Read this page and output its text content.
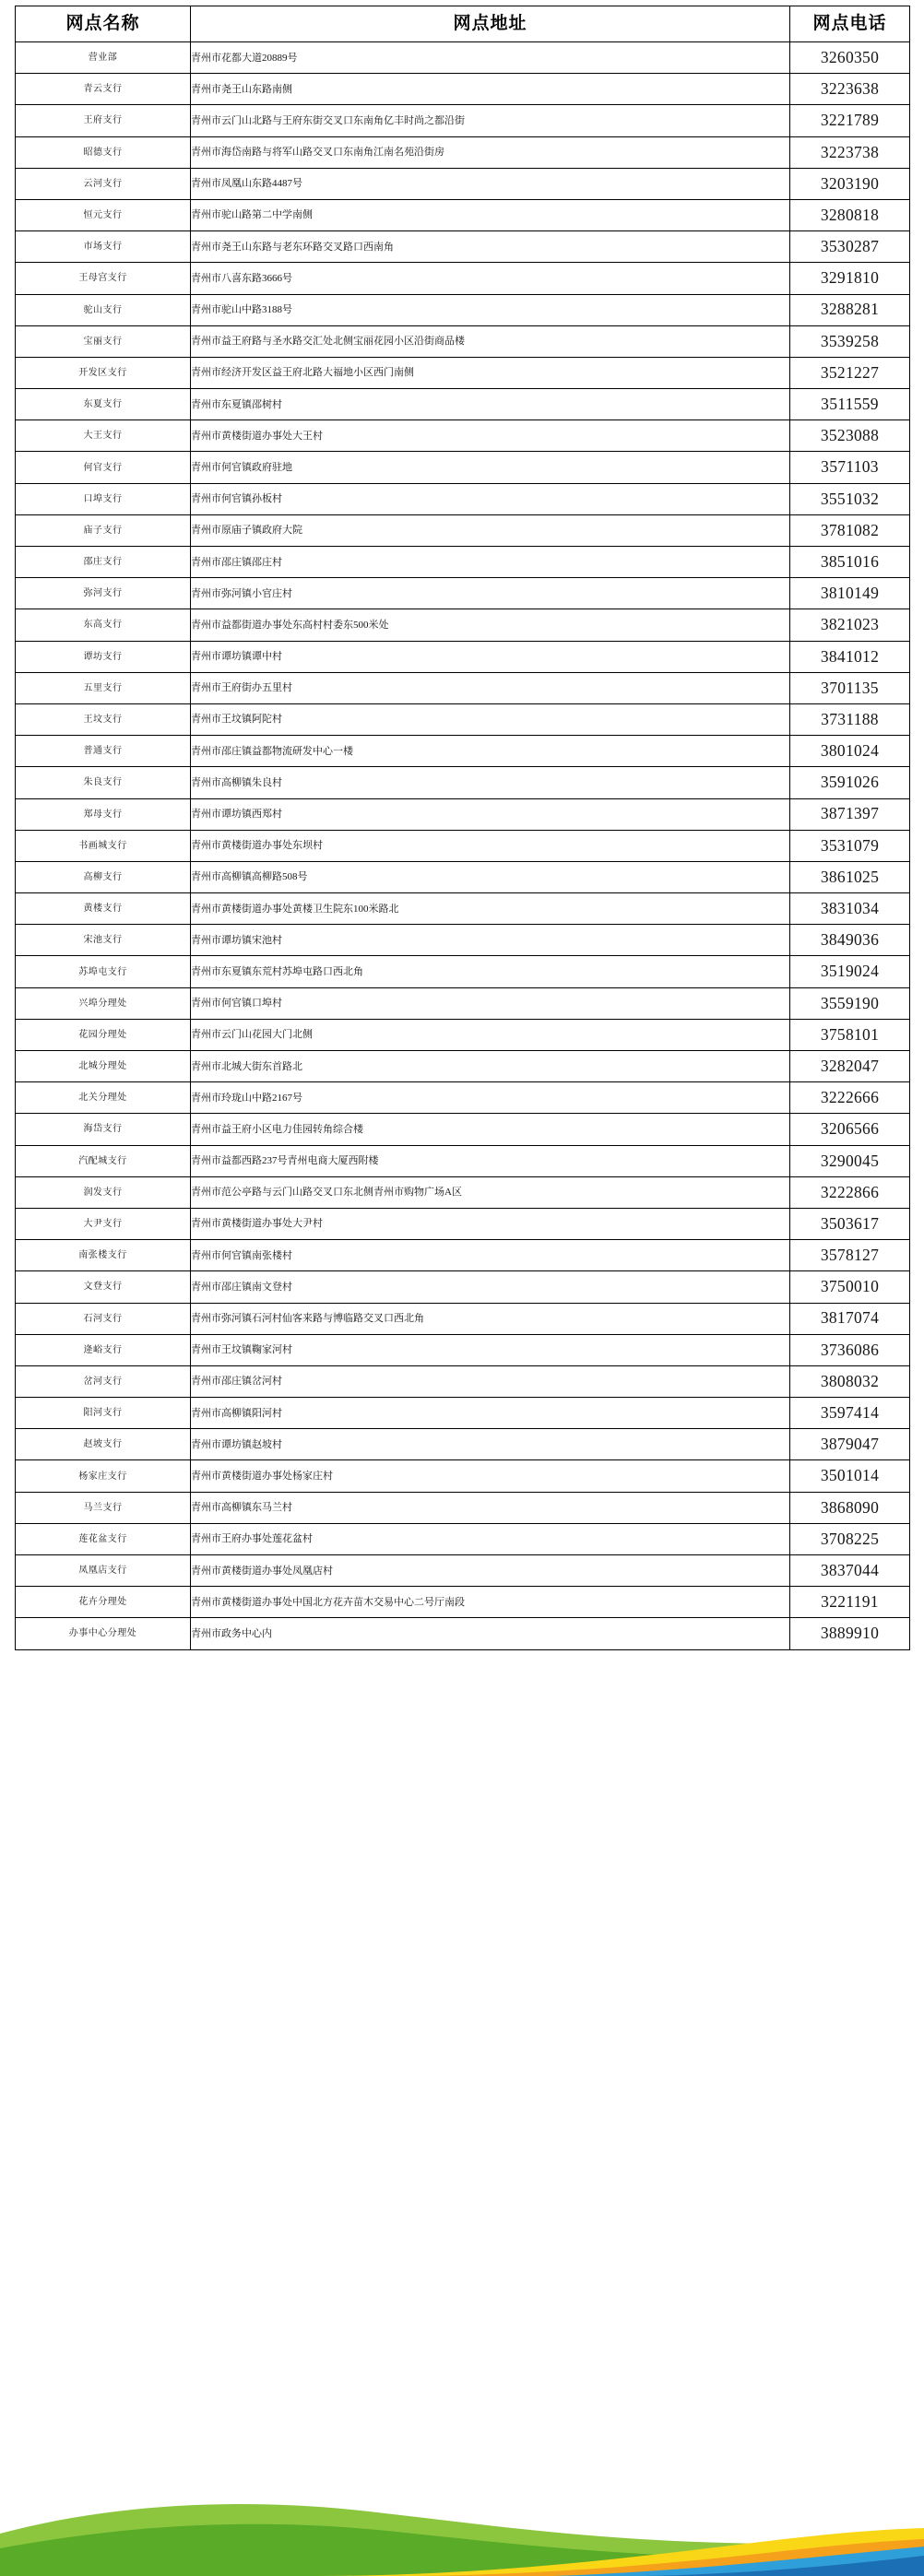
网点名称	网点地址	网点电话
营业部	青州市花都大道20889号	3260350
青云支行	青州市尧王山东路南侧	3223638
王府支行	青州市云门山北路与王府东街交叉口东南角亿丰时尚之都沿街	3221789
昭德支行	青州市海岱南路与将军山路交叉口东南角江南名苑沿街房	3223738
云河支行	青州市凤凰山东路4487号	3203190
恒元支行	青州市驼山路第二中学南侧	3280818
市场支行	青州市尧王山东路与老东环路交叉路口西南角	3530287
王母宫支行	青州市八喜东路3666号	3291810
驼山支行	青州市驼山中路3188号	3288281
宝丽支行	青州市益王府路与圣水路交汇处北侧宝丽花园小区沿街商品楼	3539258
开发区支行	青州市经济开发区益王府北路大福地小区西门南侧	3521227
东夏支行	青州市东夏镇邵树村	3511559
大王支行	青州市黄楼街道办事处大王村	3523088
何官支行	青州市何官镇政府驻地	3571103
口埠支行	青州市何官镇孙板村	3551032
庙子支行	青州市原庙子镇政府大院	3781082
邵庄支行	青州市邵庄镇邵庄村	3851016
弥河支行	青州市弥河镇小官庄村	3810149
东高支行	青州市益都街道办事处东高村村委东500米处	3821023
谭坊支行	青州市谭坊镇谭中村	3841012
五里支行	青州市王府街办五里村	3701135
王坟支行	青州市王坟镇阿陀村	3731188
普通支行	青州市邵庄镇益都物流研发中心一楼	3801024
朱良支行	青州市高柳镇朱良村	3591026
郑母支行	青州市谭坊镇西郑村	3871397
书画城支行	青州市黄楼街道办事处东坝村	3531079
高柳支行	青州市高柳镇高柳路508号	3861025
黄楼支行	青州市黄楼街道办事处黄楼卫生院东100米路北	3831034
宋池支行	青州市谭坊镇宋池村	3849036
苏埠屯支行	青州市东夏镇东荒村苏埠屯路口西北角	3519024
兴埠分理处	青州市何官镇口埠村	3559190
花园分理处	青州市云门山花园大门北侧	3758101
北城分理处	青州市北城大街东首路北	3282047
北关分理处	青州市玲珑山中路2167号	3222666
海岱支行	青州市益王府小区电力佳园转角综合楼	3206566
汽配城支行	青州市益都西路237号青州电商大厦西附楼	3290045
润发支行	青州市范公亭路与云门山路交叉口东北侧青州市购物广场A区	3222866
大尹支行	青州市黄楼街道办事处大尹村	3503617
南张楼支行	青州市何官镇南张楼村	3578127
文登支行	青州市邵庄镇南文登村	3750010
石河支行	青州市弥河镇石河村仙客来路与博临路交叉口西北角	3817074
逄峪支行	青州市王坟镇鞠家河村	3736086
岔河支行	青州市邵庄镇岔河村	3808032
阳河支行	青州市高柳镇阳河村	3597414
赵坡支行	青州市谭坊镇赵坡村	3879047
杨家庄支行	青州市黄楼街道办事处杨家庄村	3501014
马兰支行	青州市高柳镇东马兰村	3868090
莲花盆支行	青州市王府办事处莲花盆村	3708225
凤凰店支行	青州市黄楼街道办事处凤凰店村	3837044
花卉分理处	青州市黄楼街道办事处中国北方花卉苗木交易中心二号厅南段	3221191
办事中心分理处	青州市政务中心内	3889910
